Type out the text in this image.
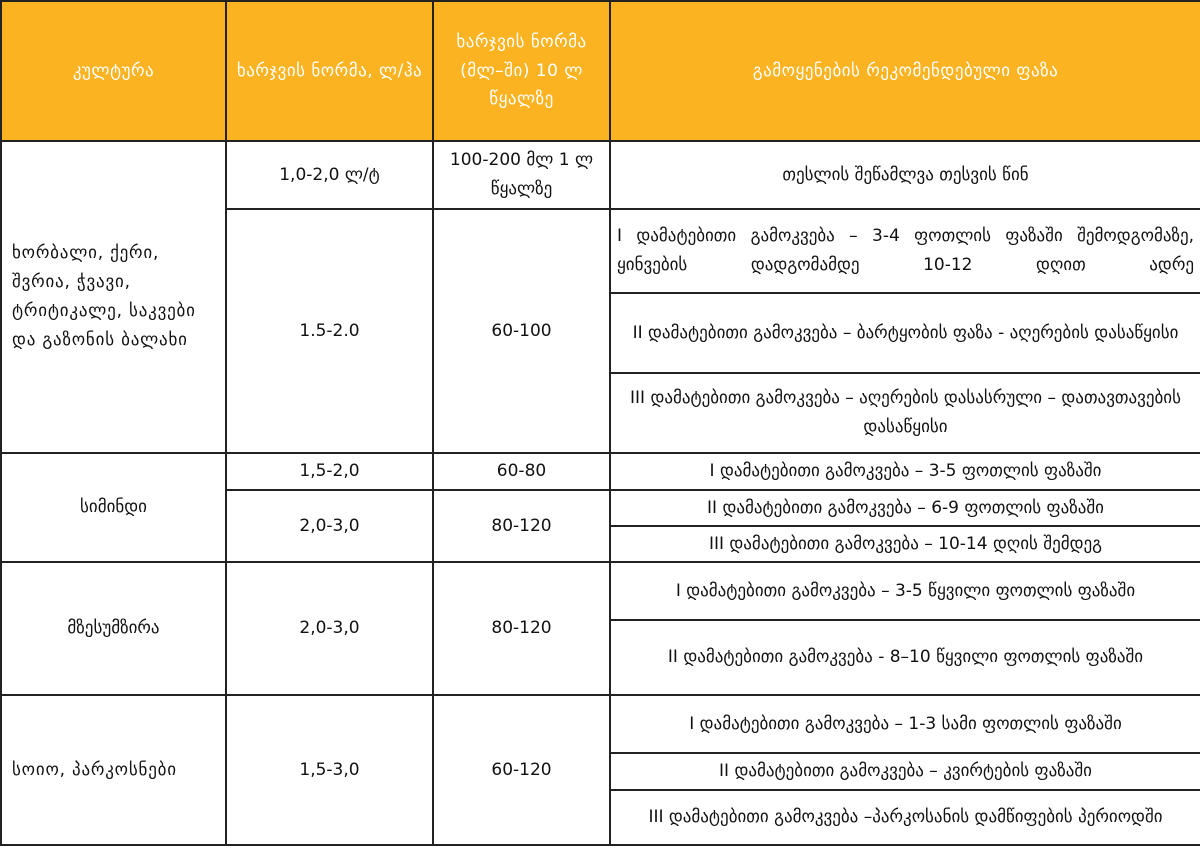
კულტურა	ხარჯვის ნორმა, ლ/ჰა	ხარჯვის ნორმა (მლ–ში) 10 ლ წყალზე	გამოყენების რეკომენდებული ფაზა
ხორბალი, ქერი, შვრია, ჭვავი, ტრიტიკალე, საკვები და გაზონის ბალახი	1,0-2,0 ლ/ტ	100-200 მლ 1 ლ წყალზე	თესლის შეწამლვა თესვის წინ
	1.5-2.0	60-100	I დამატებითი გამოკვება – 3-4 ფოთლის ფაზაში შემოდგომაზე, ყინვების დადგომამდე 10-12 დღით ადრე
			II დამატებითი გამოკვება – ბარტყობის ფაზა - აღერების დასაწყისი
			III დამატებითი გამოკვება – აღერების დასასრული – დათავთავების დასაწყისი
სიმინდი	1,5-2,0	60-80	I დამატებითი გამოკვება – 3-5 ფოთლის ფაზაში
	2,0-3,0	80-120	II დამატებითი გამოკვება – 6-9 ფოთლის ფაზაში
			III დამატებითი გამოკვება – 10-14 დღის შემდეგ
მზესუმზირა	2,0-3,0	80-120	I დამატებითი გამოკვება – 3-5 წყვილი ფოთლის ფაზაში
			II დამატებითი გამოკვება - 8–10 წყვილი ფოთლის ფაზაში
სოიო, პარკოსნები	1,5-3,0	60-120	I დამატებითი გამოკვება – 1-3 სამი ფოთლის ფაზაში
			II დამატებითი გამოკვება – კვირტების ფაზაში
			III დამატებითი გამოკვება –პარკოსანის დამწიფების პერიოდში
